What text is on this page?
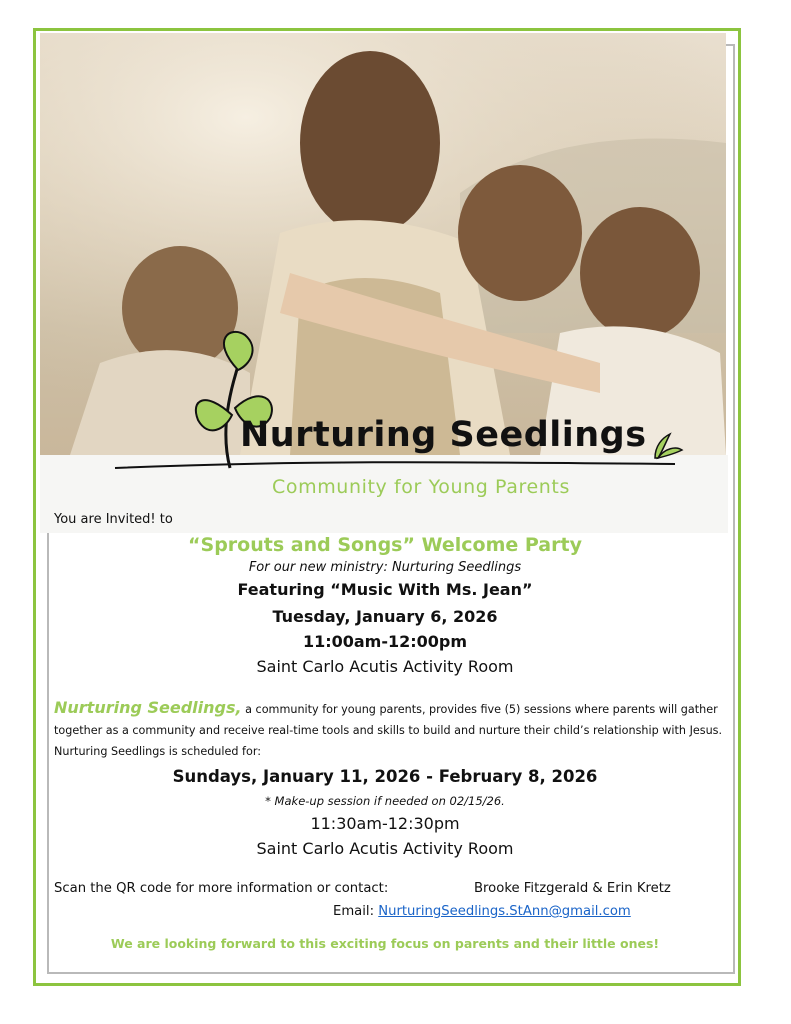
Nurturing Seedlings
Community for Young Parents
You are Invited! to
“Sprouts and Songs” Welcome Party
For our new ministry: Nurturing Seedlings
Featuring “Music With Ms. Jean”
Tuesday, January 6, 2026
11:00am-12:00pm
Saint Carlo Acutis Activity Room
Nurturing Seedlings, a community for young parents, provides five (5) sessions where parents will gather together as a community and receive real-time tools and skills to build and nurture their child’s relationship with Jesus. Nurturing Seedlings is scheduled for:
Sundays, January 11, 2026 - February 8, 2026
* Make-up session if needed on 02/15/26.
11:30am-12:30pm
Saint Carlo Acutis Activity Room
Scan the QR code for more information or contact:	Brooke Fitzgerald & Erin Kretz
Email: NurturingSeedlings.StAnn@gmail.com
We are looking forward to this exciting focus on parents and their little ones!
